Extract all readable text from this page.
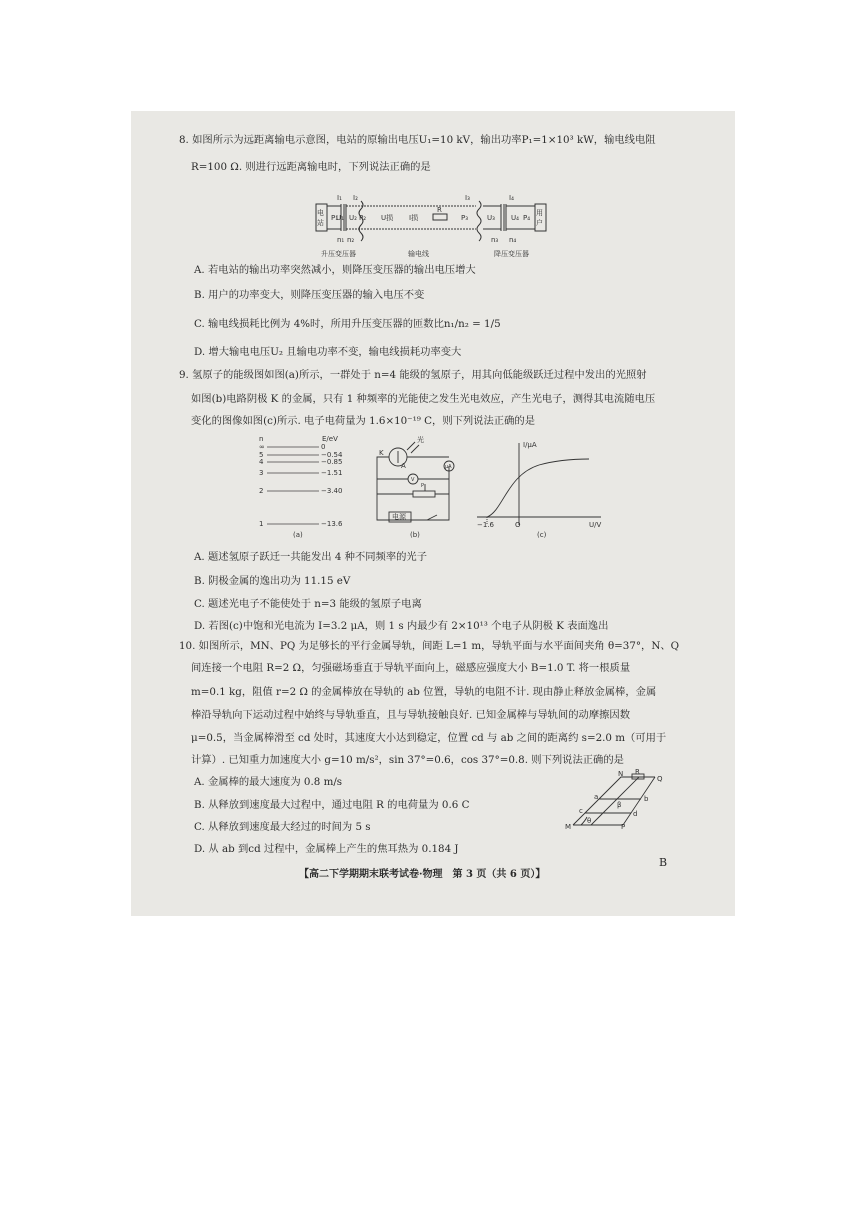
8. 如图所示为远距离输电示意图，电站的原输出电压U₁=10 kV，输出功率P₁=1×10³ kW，输电线电阻
R=100 Ω. 则进行远距离输电时，下列说法正确的是
电
站
用
户
P₁
I₁
U₁
n₁
I₂
U₂ P₂
n₂
U损 I损
R
I₃
P₃	U₃
n₃
I₄
U₄ P₄
n₄
升压变压器	输电线	降压变压器
A. 若电站的输出功率突然减小，则降压变压器的输出电压增大
B. 用户的功率变大，则降压变压器的输入电压不变
C. 输电线损耗比例为 4%时，所用升压变压器的匝数比n₁/n₂ = 1/5
D. 增大输电电压U₂ 且输电功率不变，输电线损耗功率变大
9. 氢原子的能级图如图(a)所示，一群处于 n=4 能级的氢原子，用其向低能级跃迁过程中发出的光照射
如图(b)电路阴极 K 的金属，只有 1 种频率的光能使之发生光电效应，产生光电子，测得其电流随电压
变化的图像如图(c)所示. 电子电荷量为 1.6×10⁻¹⁹ C，则下列说法正确的是
n	E/eV
∞	0
5	−0.54
4	−0.85
3	−1.51
2	−3.40
1	−13.6
(a)
光
K
A	μA
V
P
电源
(b)
I/μA
U/V
−1.6	O
(c)
A. 题述氢原子跃迁一共能发出 4 种不同频率的光子
B. 阴极金属的逸出功为 11.15 eV
C. 题述光电子不能使处于 n=3 能级的氢原子电离
D. 若图(c)中饱和光电流为 I=3.2 μA，则 1 s 内最少有 2×10¹³ 个电子从阴极 K 表面逸出
10. 如图所示，MN、PQ 为足够长的平行金属导轨，间距 L=1 m，导轨平面与水平面间夹角 θ=37°，N、Q
间连接一个电阻 R=2 Ω，匀强磁场垂直于导轨平面向上，磁感应强度大小 B=1.0 T. 将一根质量
m=0.1 kg，阻值 r=2 Ω 的金属棒放在导轨的 ab 位置，导轨的电阻不计. 现由静止释放金属棒，金属
棒沿导轨向下运动过程中始终与导轨垂直，且与导轨接触良好. 已知金属棒与导轨间的动摩擦因数
μ=0.5，当金属棒滑至 cd 处时，其速度大小达到稳定，位置 cd 与 ab 之间的距离约 s=2.0 m（可用于
计算）. 已知重力加速度大小 g=10 m/s²，sin 37°=0.6，cos 37°=0.8. 则下列说法正确的是
A. 金属棒的最大速度为 0.8 m/s
B. 从释放到速度最大过程中，通过电阻 R 的电荷量为 0.6 C
C. 从释放到速度最大经过的时间为 5 s
D. 从 ab 到cd 过程中，金属棒上产生的焦耳热为 0.184 J
N
Q
R
a	b
c	d
M	P
θ
β
【高二下学期期末联考试卷·物理　第 3 页（共 6 页）】
B
